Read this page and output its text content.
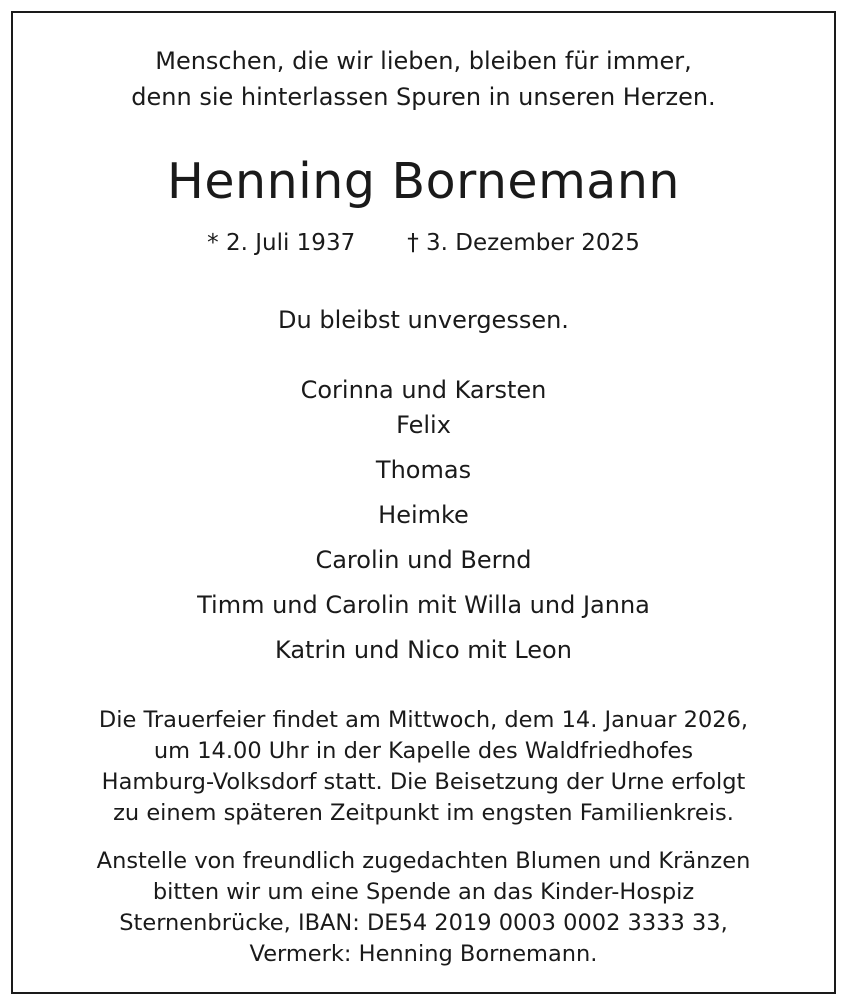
Menschen, die wir lieben, bleiben für immer,
denn sie hinterlassen Spuren in unseren Herzen.
Henning Bornemann
* 2. Juli 1937 † 3. Dezember 2025
Du bleibst unvergessen.
Corinna und Karsten
Felix
Thomas
Heimke
Carolin und Bernd
Timm und Carolin mit Willa und Janna
Katrin und Nico mit Leon
Die Trauerfeier findet am Mittwoch, dem 14. Januar 2026,
um 14.00 Uhr in der Kapelle des Waldfriedhofes
Hamburg-Volksdorf statt. Die Beisetzung der Urne erfolgt
zu einem späteren Zeitpunkt im engsten Familienkreis.
Anstelle von freundlich zugedachten Blumen und Kränzen
bitten wir um eine Spende an das Kinder-Hospiz
Sternenbrücke, IBAN: DE54 2019 0003 0002 3333 33,
Vermerk: Henning Bornemann.
